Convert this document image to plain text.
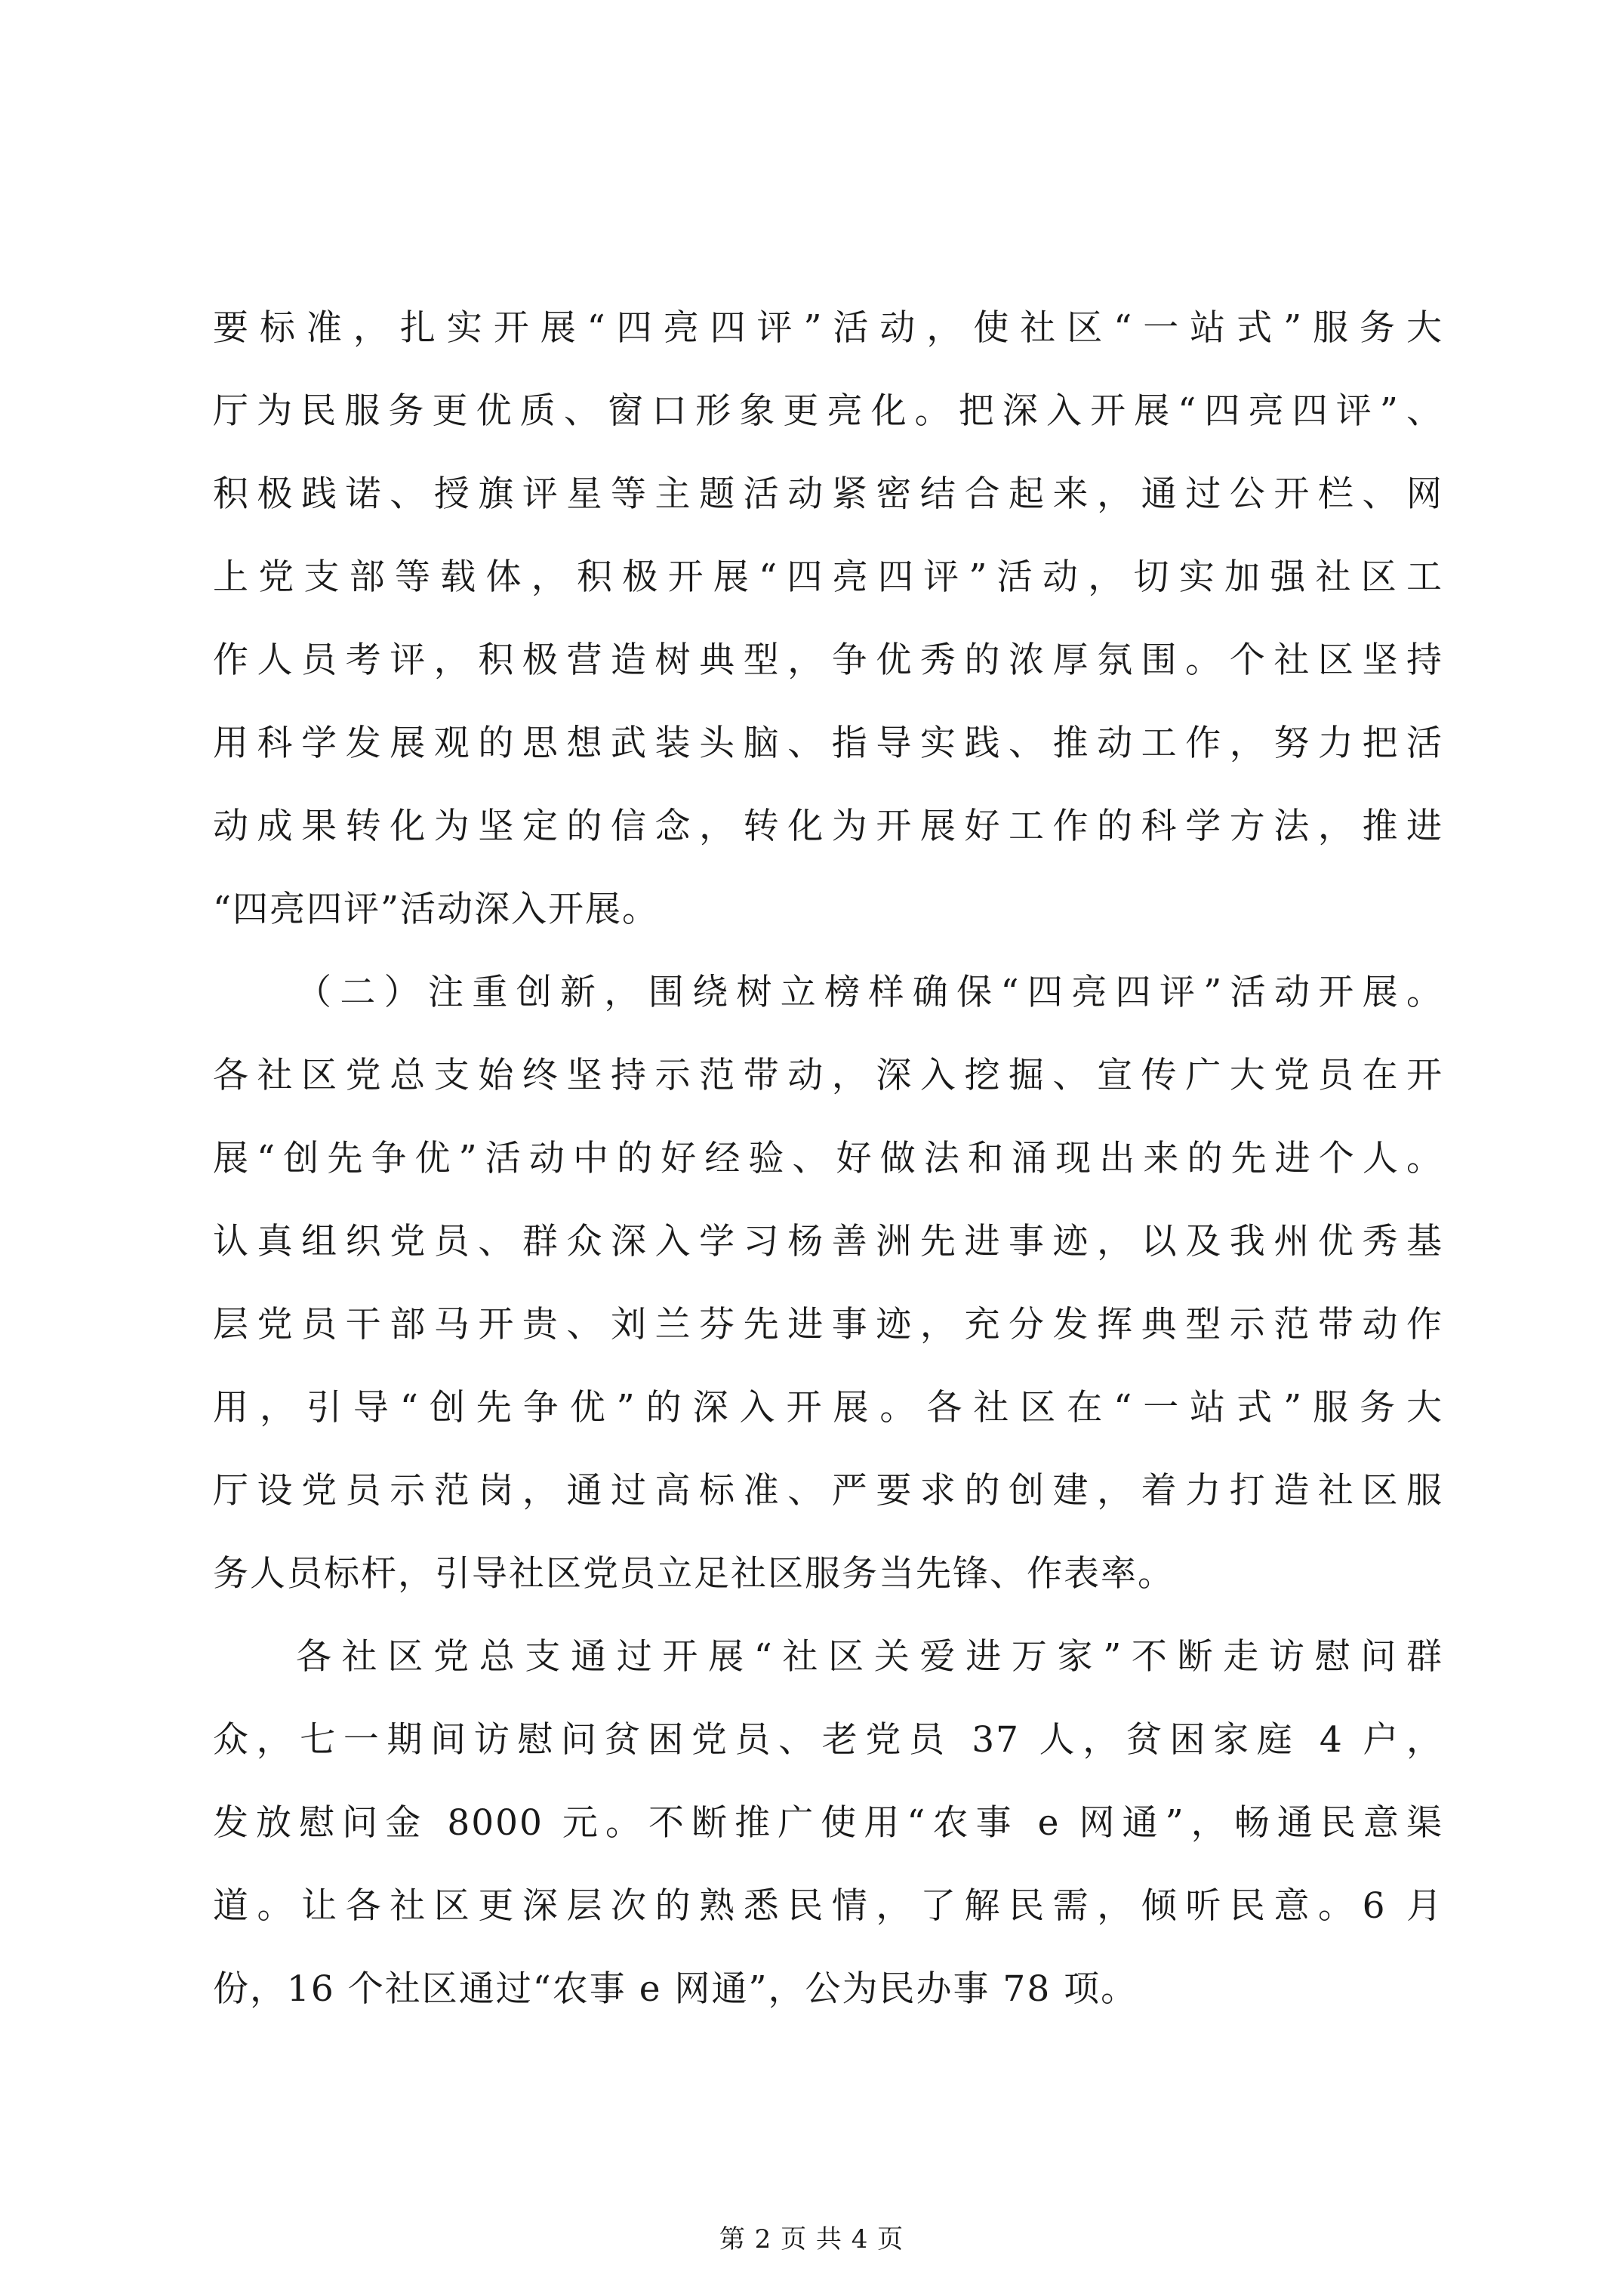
要标准，扎实开展“四亮四评”活动，使社区“一站式”服务大
厅为民服务更优质、窗口形象更亮化。把深入开展“四亮四评”、
积极践诺、授旗评星等主题活动紧密结合起来，通过公开栏、网
上党支部等载体，积极开展“四亮四评”活动，切实加强社区工
作人员考评，积极营造树典型，争优秀的浓厚氛围。个社区坚持
用科学发展观的思想武装头脑、指导实践、推动工作，努力把活
动成果转化为坚定的信念，转化为开展好工作的科学方法，推进
“四亮四评”活动深入开展。
（二）注重创新，围绕树立榜样确保“四亮四评”活动开展。
各社区党总支始终坚持示范带动，深入挖掘、宣传广大党员在开
展“创先争优”活动中的好经验、好做法和涌现出来的先进个人。
认真组织党员、群众深入学习杨善洲先进事迹，以及我州优秀基
层党员干部马开贵、刘兰芬先进事迹，充分发挥典型示范带动作
用，引导“创先争优”的深入开展。各社区在“一站式”服务大
厅设党员示范岗，通过高标准、严要求的创建，着力打造社区服
务人员标杆，引导社区党员立足社区服务当先锋、作表率。
各社区党总支通过开展“社区关爱进万家”不断走访慰问群
众，七一期间访慰问贫困党员、老党员 37 人，贫困家庭 4 户，
发放慰问金 8000 元。不断推广使用“农事 e 网通”，畅通民意渠
道。让各社区更深层次的熟悉民情，了解民需，倾听民意。6 月
份，16 个社区通过“农事 e 网通”，公为民办事 78 项。
第 2 页 共 4 页
